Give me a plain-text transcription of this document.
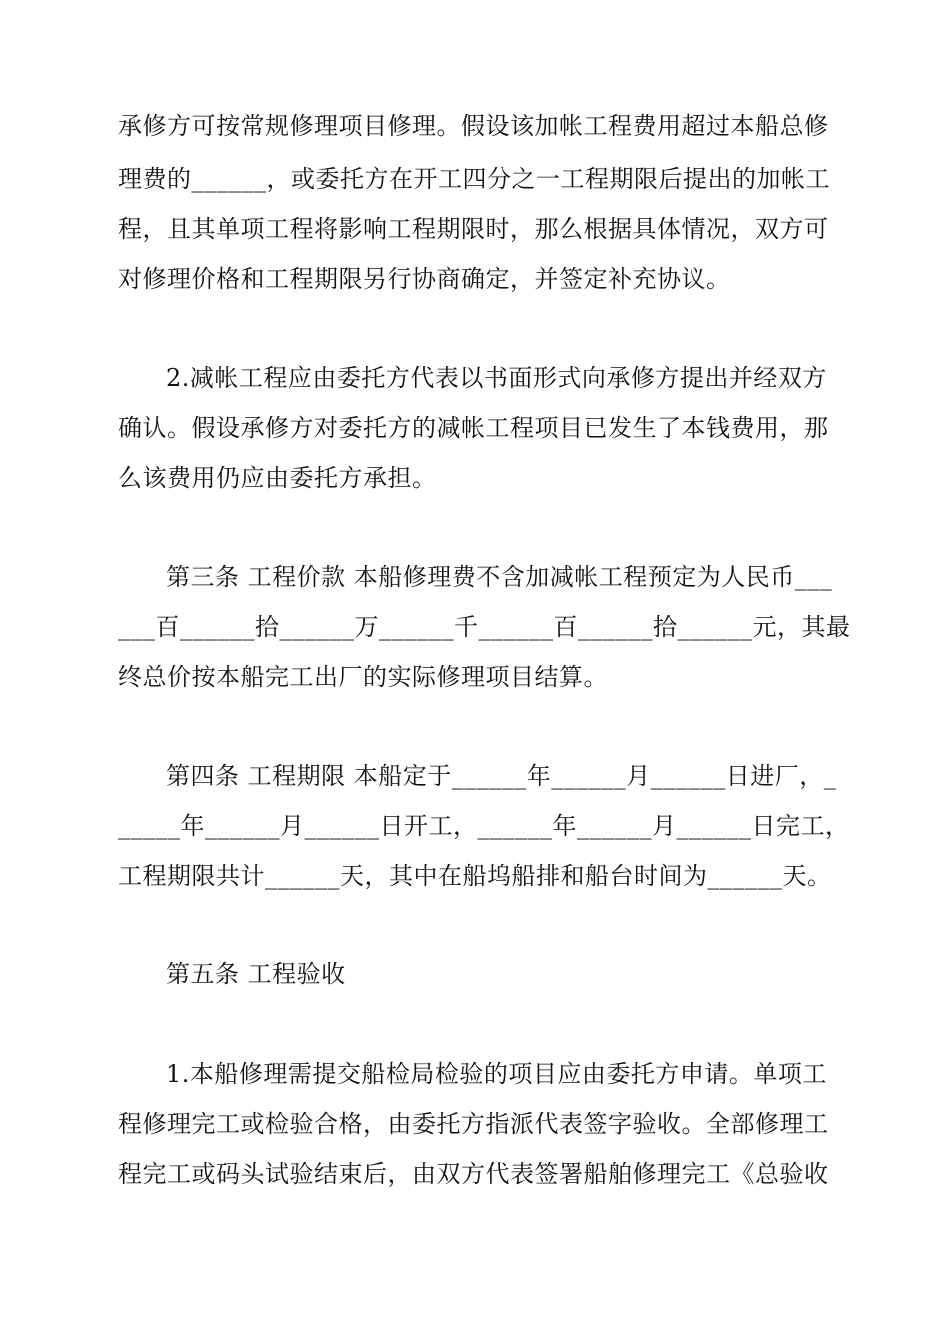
承修方可按常规修理项目修理。假设该加帐工程费用超过本船总修

理费的______，或委托方在开工四分之一工程期限后提出的加帐工

程，且其单项工程将影响工程期限时，那么根据具体情况，双方可

对修理价格和工程期限另行协商确定，并签定补充协议。

2.减帐工程应由委托方代表以书面形式向承修方提出并经双方

确认。假设承修方对委托方的减帐工程项目已发生了本钱费用，那

么该费用仍应由委托方承担。

第三条 工程价款 本船修理费不含加减帐工程预定为人民币___

___百______拾______万______千______百______拾______元，其最

终总价按本船完工出厂的实际修理项目结算。

第四条 工程期限 本船定于______年______月______日进厂，_

_____年______月______日开工，______年______月______日完工，

工程期限共计______天，其中在船坞船排和船台时间为______天。

第五条 工程验收

1.本船修理需提交船检局检验的项目应由委托方申请。单项工

程修理完工或检验合格，由委托方指派代表签字验收。全部修理工

程完工或码头试验结束后，由双方代表签署船舶修理完工《总验收
